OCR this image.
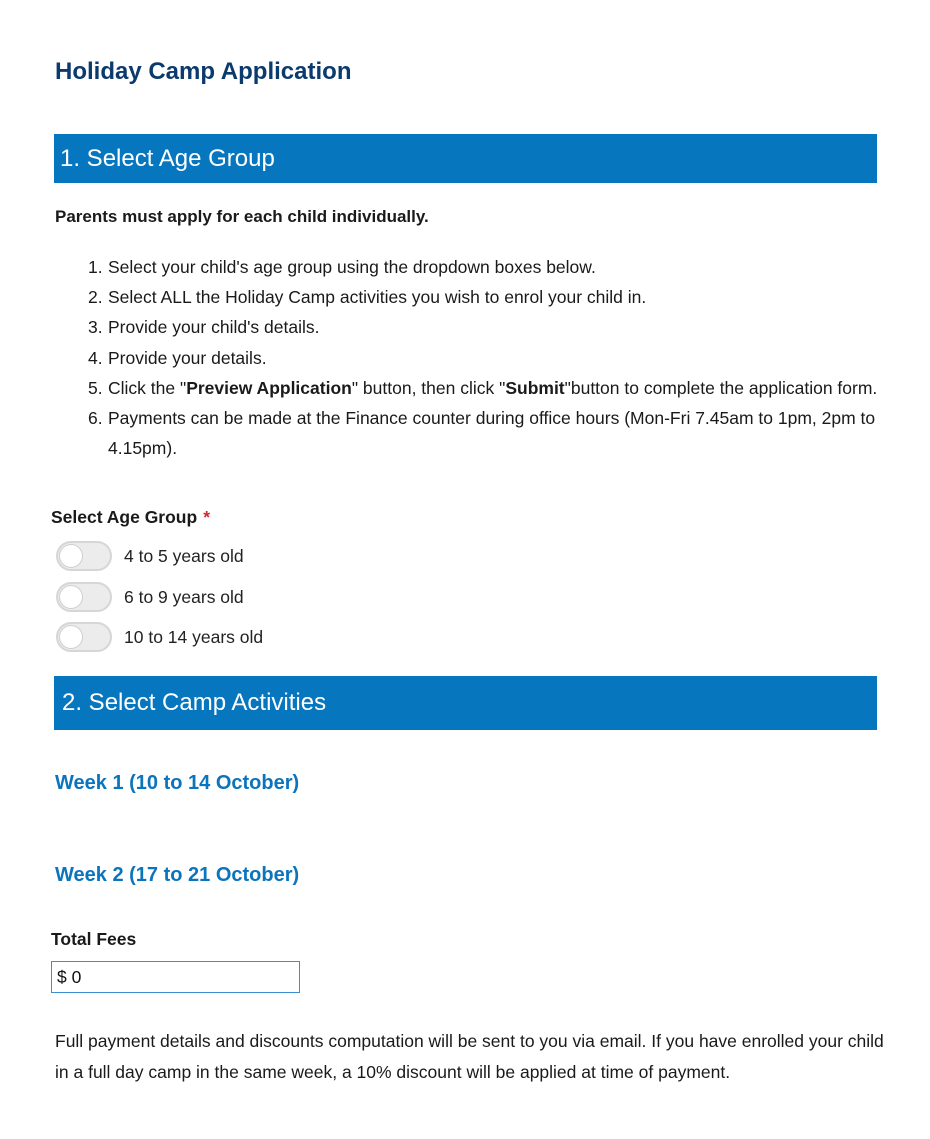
Holiday Camp Application
1. Select Age Group

Parents must apply for each child individually.

1. Select your child's age group using the dropdown boxes below.
2. Select ALL the Holiday Camp activities you wish to enrol your child in.
3. Provide your child's details.
4. Provide your details.
5. Click the "Preview Application" button, then click "Submit"button to complete the application form.
6. Payments can be made at the Finance counter during office hours (Mon-Fri 7.45am to 1pm, 2pm to 4.15pm).
Select Age Group *
4 to 5 years old
6 to 9 years old
10 to 14 years old
2. Select Camp Activities
Week 1 (10 to 14 October)
Week 2 (17 to 21 October)
Total Fees
$ 0

Full payment details and discounts computation will be sent to you via email. If you have enrolled your child in a full day camp in the same week, a 10% discount will be applied at time of payment.
